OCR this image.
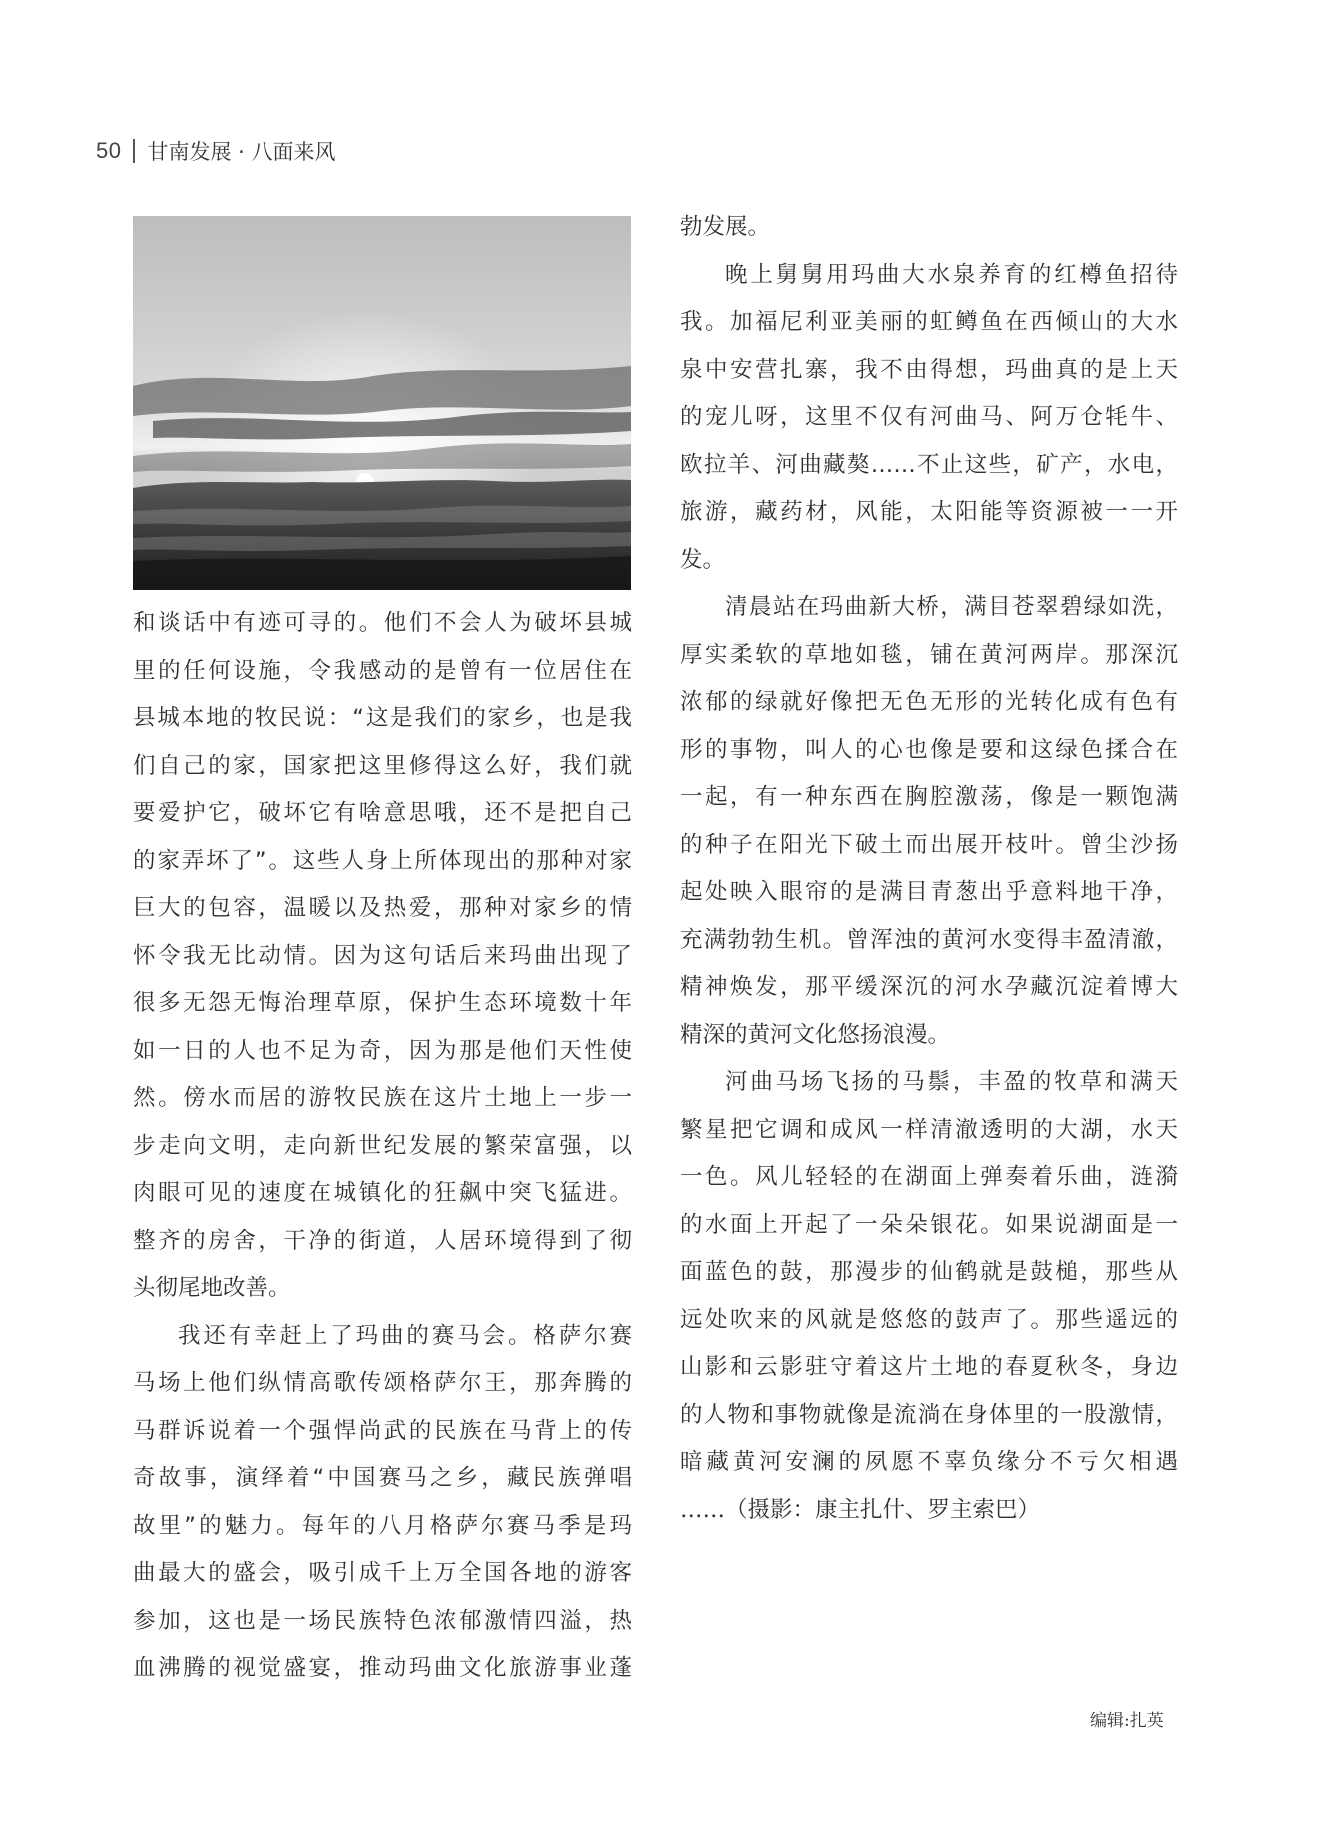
50 甘南发展 · 八面来风

和谈话中有迹可寻的。他们不会人为破坏县城

里的任何设施，令我感动的是曾有一位居住在

县城本地的牧民说：“这是我们的家乡，也是我

们自己的家，国家把这里修得这么好，我们就

要爱护它，破坏它有啥意思哦，还不是把自己

的家弄坏了”。这些人身上所体现出的那种对家

巨大的包容，温暖以及热爱，那种对家乡的情

怀令我无比动情。因为这句话后来玛曲出现了

很多无怨无悔治理草原，保护生态环境数十年

如一日的人也不足为奇，因为那是他们天性使

然。傍水而居的游牧民族在这片土地上一步一

步走向文明，走向新世纪发展的繁荣富强，以

肉眼可见的速度在城镇化的狂飙中突飞猛进。

整齐的房舍，干净的街道，人居环境得到了彻

头彻尾地改善。

我还有幸赶上了玛曲的赛马会。格萨尔赛

马场上他们纵情高歌传颂格萨尔王，那奔腾的

马群诉说着一个强悍尚武的民族在马背上的传

奇故事，演绎着“中国赛马之乡，藏民族弹唱

故里”的魅力。每年的八月格萨尔赛马季是玛

曲最大的盛会，吸引成千上万全国各地的游客

参加，这也是一场民族特色浓郁激情四溢，热

血沸腾的视觉盛宴，推动玛曲文化旅游事业蓬

勃发展。

晚上舅舅用玛曲大水泉养育的红樽鱼招待

我。加福尼利亚美丽的虹鳟鱼在西倾山的大水

泉中安营扎寨，我不由得想，玛曲真的是上天

的宠儿呀，这里不仅有河曲马、阿万仓牦牛、

欧拉羊、河曲藏獒……不止这些，矿产，水电，

旅游，藏药材，风能，太阳能等资源被一一开

发。

清晨站在玛曲新大桥，满目苍翠碧绿如洗，

厚实柔软的草地如毯，铺在黄河两岸。那深沉

浓郁的绿就好像把无色无形的光转化成有色有

形的事物，叫人的心也像是要和这绿色揉合在

一起，有一种东西在胸腔激荡，像是一颗饱满

的种子在阳光下破土而出展开枝叶。曾尘沙扬

起处映入眼帘的是满目青葱出乎意料地干净，

充满勃勃生机。曾浑浊的黄河水变得丰盈清澈，

精神焕发，那平缓深沉的河水孕藏沉淀着博大

精深的黄河文化悠扬浪漫。

河曲马场飞扬的马鬃，丰盈的牧草和满天

繁星把它调和成风一样清澈透明的大湖，水天

一色。风儿轻轻的在湖面上弹奏着乐曲，涟漪

的水面上开起了一朵朵银花。如果说湖面是一

面蓝色的鼓，那漫步的仙鹤就是鼓槌，那些从

远处吹来的风就是悠悠的鼓声了。那些遥远的

山影和云影驻守着这片土地的春夏秋冬，身边

的人物和事物就像是流淌在身体里的一股激情，

暗藏黄河安澜的夙愿不辜负缘分不亏欠相遇

……（摄影：康主扎什、罗主索巴）

编辑:扎英
